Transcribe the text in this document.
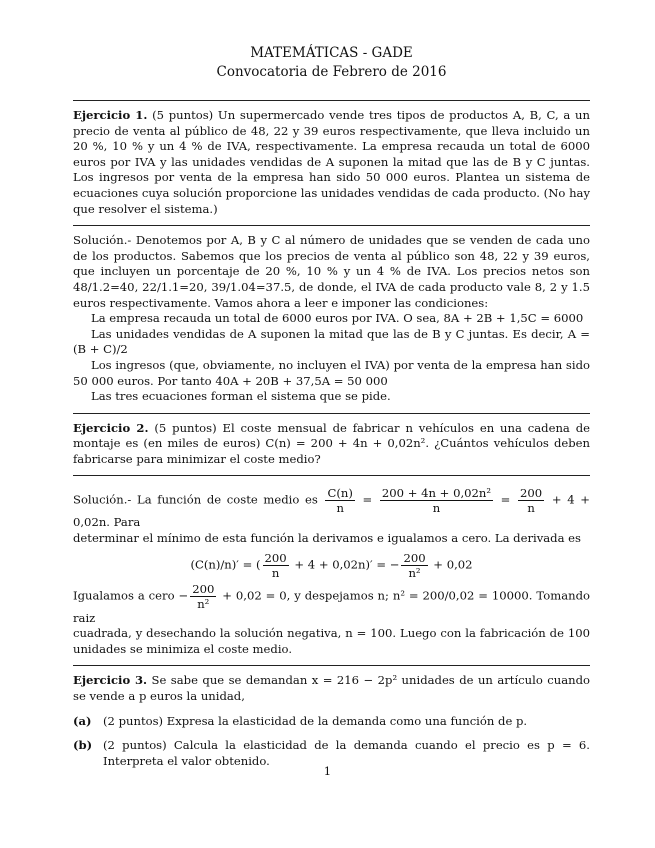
MATEMÁTICAS - GADE
Convocatoria de Febrero de 2016
Ejercicio 1. (5 puntos) Un supermercado vende tres tipos de productos A, B, C, a un precio de venta al público de 48, 22 y 39 euros respectivamente, que lleva incluido un 20 %, 10 % y un 4 % de IVA, respectivamente. La empresa recauda un total de 6000 euros por IVA y las unidades vendidas de A suponen la mitad que las de B y C juntas. Los ingresos por venta de la empresa han sido 50 000 euros. Plantea un sistema de ecuaciones cuya solución proporcione las unidades vendidas de cada producto. (No hay que resolver el sistema.)
Solución.- Denotemos por A, B y C al número de unidades que se venden de cada uno de los productos. Sabemos que los precios de venta al público son 48, 22 y 39 euros, que incluyen un porcentaje de 20 %, 10 % y un 4 % de IVA. Los precios netos son 48/1.2=40, 22/1.1=20, 39/1.04=37.5, de donde, el IVA de cada producto vale 8, 2 y 1.5 euros respectivamente. Vamos ahora a leer e imponer las condiciones:
La empresa recauda un total de 6000 euros por IVA. O sea, 8A + 2B + 1,5C = 6000
Las unidades vendidas de A suponen la mitad que las de B y C juntas. Es decir, A = (B + C)/2
Los ingresos (que, obviamente, no incluyen el IVA) por venta de la empresa han sido 50 000 euros. Por tanto 40A + 20B + 37,5A = 50 000
Las tres ecuaciones forman el sistema que se pide.
Ejercicio 2. (5 puntos) El coste mensual de fabricar n vehículos en una cadena de montaje es (en miles de euros) C(n) = 200 + 4n + 0,02n². ¿Cuántos vehículos deben fabricarse para minimizar el coste medio?
Solución.- La función de coste medio es $\frac{C(n)}{n} = \frac{\text{200 + 4n + 0,02n²}}{n} = \frac{200}{n} + 4 + 0,02n$. Para
determinar el mínimo de esta función la derivamos e igualamos a cero. La derivada es
(C(n)/n)′ = ( $\frac{200}{n} + 4 + 0,02n)'$ = − $\frac{200}{\text{n²}} + 0,02$
Igualamos a cero − $\frac{200}{\text{n²}} + 0,02 = 0$, y despejamos n; n² = 200/0,02 = 10000. Tomando raiz
cuadrada, y desechando la solución negativa, n = 100. Luego con la fabricación de 100 unidades se minimiza el coste medio.
Ejercicio 3. Se sabe que se demandan x = 216 − 2p² unidades de un artículo cuando se vende a p euros la unidad,
(a) (2 puntos) Expresa la elasticidad de la demanda como una función de p.
(b) (2 puntos) Calcula la elasticidad de la demanda cuando el precio es p = 6. Interpreta el valor obtenido.
1
